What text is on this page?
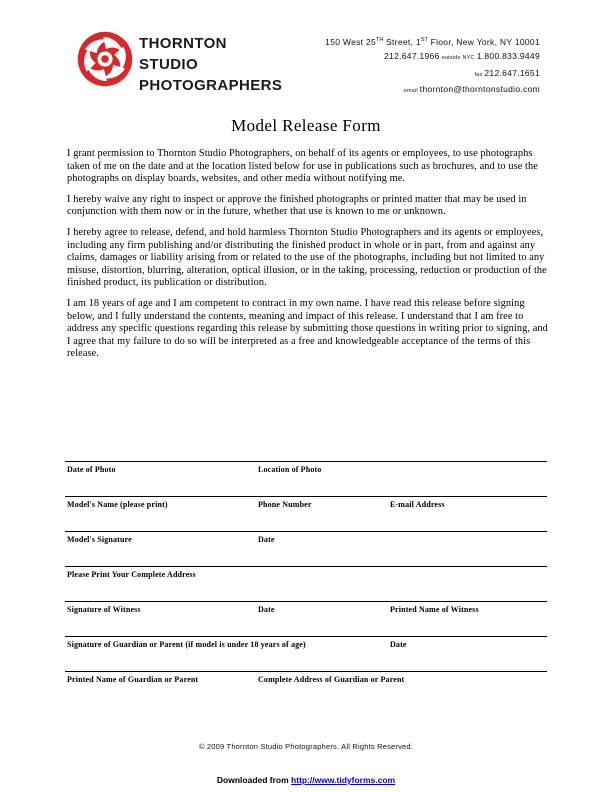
THORNTON
STUDIO
PHOTOGRAPHERS
150 West 25TH Street, 1ST Floor, New York, NY 10001
212.647.1966 outside NYC 1.800.833.9449
fax 212.647.1651
email thornton@thorntonstudio.com
Model Release Form

I grant permission to Thornton Studio Photographers, on behalf of its agents or employees, to use photographs taken of me on the date and at the location listed below for use in publications such as brochures, and to use the photographs on display boards, websites, and other media without notifying me.

I hereby waive any right to inspect or approve the finished photographs or printed matter that may be used in conjunction with them now or in the future, whether that use is known to me or unknown.

I hereby agree to release, defend, and hold harmless Thornton Studio Photographers and its agents or employees, including any firm publishing and/or distributing the finished product in whole or in part, from and against any claims, damages or liability arising from or related to the use of the photographs, including but not limited to any misuse, distortion, blurring, alteration, optical illusion, or in the taking, processing, reduction or production of the finished product, its publication or distribution.

I am 18 years of age and I am competent to contract in my own name. I have read this release before signing below, and I fully understand the contents, meaning and impact of this release. I understand that I am free to address any specific questions regarding this release by submitting those questions in writing prior to signing, and I agree that my failure to do so will be interpreted as a free and knowledgeable acceptance of the terms of this release.

Date of Photo	Location of Photo
Model's Name (please print)	Phone Number	E-mail Address
Model's Signature	Date
Please Print Your Complete Address
Signature of Witness	Date	Printed Name of Witness
Signature of Guardian or Parent (if model is under 18 years of age)	Date
Printed Name of Guardian or Parent	Complete Address of Guardian or Parent
© 2009 Thornton Studio Photographers. All Rights Reserved.
Downloaded from http://www.tidyforms.com
